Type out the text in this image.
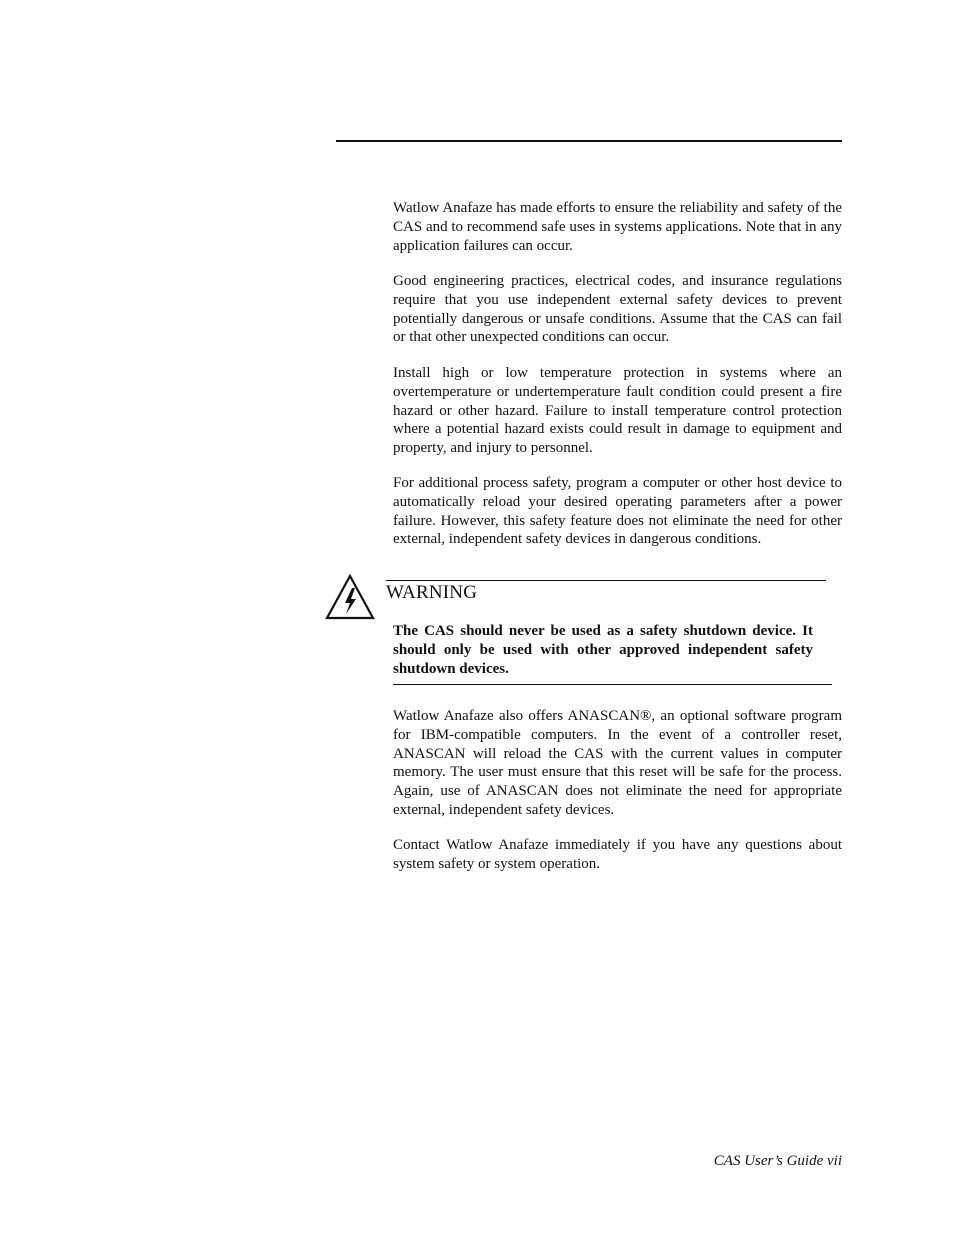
Watlow Anafaze has made efforts to ensure the reliability and safety of the CAS and to recommend safe uses in systems applications. Note that in any application failures can occur.

Good engineering practices, electrical codes, and insurance regulations require that you use independent external safety devices to prevent potentially dangerous or unsafe conditions. Assume that the CAS can fail or that other unexpected conditions can occur.

Install high or low temperature protection in systems where an overtemperature or undertemperature fault condition could present a fire hazard or other hazard. Failure to install temperature control protection where a potential hazard exists could result in damage to equipment and property, and injury to personnel.

For additional process safety, program a computer or other host device to automatically reload your desired operating parameters after a power failure. However, this safety feature does not eliminate the need for other external, independent safety devices in dangerous conditions.

WARNING

The CAS should never be used as a safety shutdown device. It should only be used with other approved independent safety shutdown devices.

Watlow Anafaze also offers ANASCAN®, an optional software program for IBM-compatible computers. In the event of a controller reset, ANASCAN will reload the CAS with the current values in computer memory. The user must ensure that this reset will be safe for the process. Again, use of ANASCAN does not eliminate the need for appropriate external, independent safety devices.

Contact Watlow Anafaze immediately if you have any questions about system safety or system operation.

CAS User’s Guide vii
